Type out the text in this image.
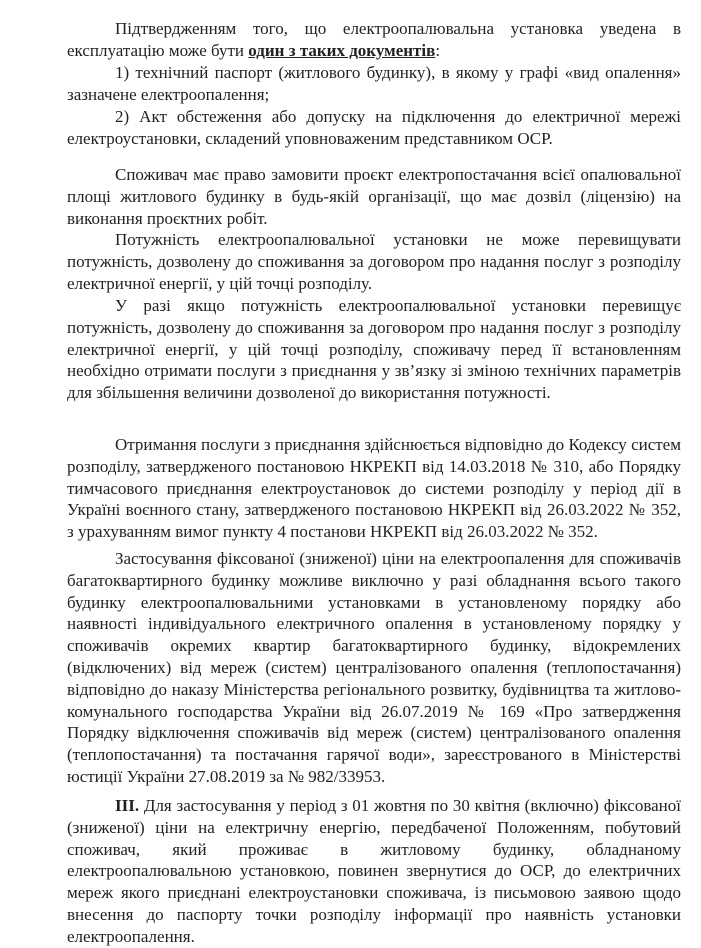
Підтвердженням того, що електроопалювальна установка уведена в експлуатацію може бути один з таких документів:

1) технічний паспорт (житлового будинку), в якому у графі «вид опалення» зазначене електроопалення;

2) Акт обстеження або допуску на підключення до електричної мережі електроустановки, складений уповноваженим представником ОСР.

Споживач має право замовити проєкт електропостачання всієї опалювальної площі житлового будинку в будь-якій організації, що має дозвіл (ліцензію) на виконання проєктних робіт.

Потужність електроопалювальної установки не може перевищувати потужність, дозволену до споживання за договором про надання послуг з розподілу електричної енергії, у цій точці розподілу.

У разі якщо потужність електроопалювальної установки перевищує потужність, дозволену до споживання за договором про надання послуг з розподілу електричної енергії, у цій точці розподілу, споживачу перед її встановленням необхідно отримати послуги з приєднання у зв’язку зі зміною технічних параметрів для збільшення величини дозволеної до використання потужності.

Отримання послуги з приєднання здійснюється відповідно до Кодексу систем розподілу, затвердженого постановою НКРЕКП від 14.03.2018 № 310, або Порядку тимчасового приєднання електроустановок до системи розподілу у період дії в Україні воєнного стану, затвердженого постановою НКРЕКП від 26.03.2022 № 352, з урахуванням вимог пункту 4 постанови НКРЕКП від 26.03.2022 № 352.

Застосування фіксованої (зниженої) ціни на електроопалення для споживачів багатоквартирного будинку можливе виключно у разі обладнання всього такого будинку електроопалювальними установками в установленому порядку або наявності індивідуального електричного опалення в установленому порядку у споживачів окремих квартир багатоквартирного будинку, відокремлених (відключених) від мереж (систем) централізованого опалення (теплопостачання) відповідно до наказу Міністерства регіонального розвитку, будівництва та житлово-комунального господарства України від 26.07.2019 № 169 «Про затвердження Порядку відключення споживачів від мереж (систем) централізованого опалення (теплопостачання) та постачання гарячої води», зареєстрованого в Міністерстві юстиції України 27.08.2019 за № 982/33953.

ІІІ. Для застосування у період з 01 жовтня по 30 квітня (включно) фіксованої (зниженої) ціни на електричну енергію, передбаченої Положенням, побутовий споживач, який проживає в житловому будинку, обладнаному електроопалювальною установкою, повинен звернутися до ОСР, до електричних мереж якого приєднані електроустановки споживача, із письмовою заявою щодо внесення до паспорту точки розподілу інформації про наявність установки електроопалення.
